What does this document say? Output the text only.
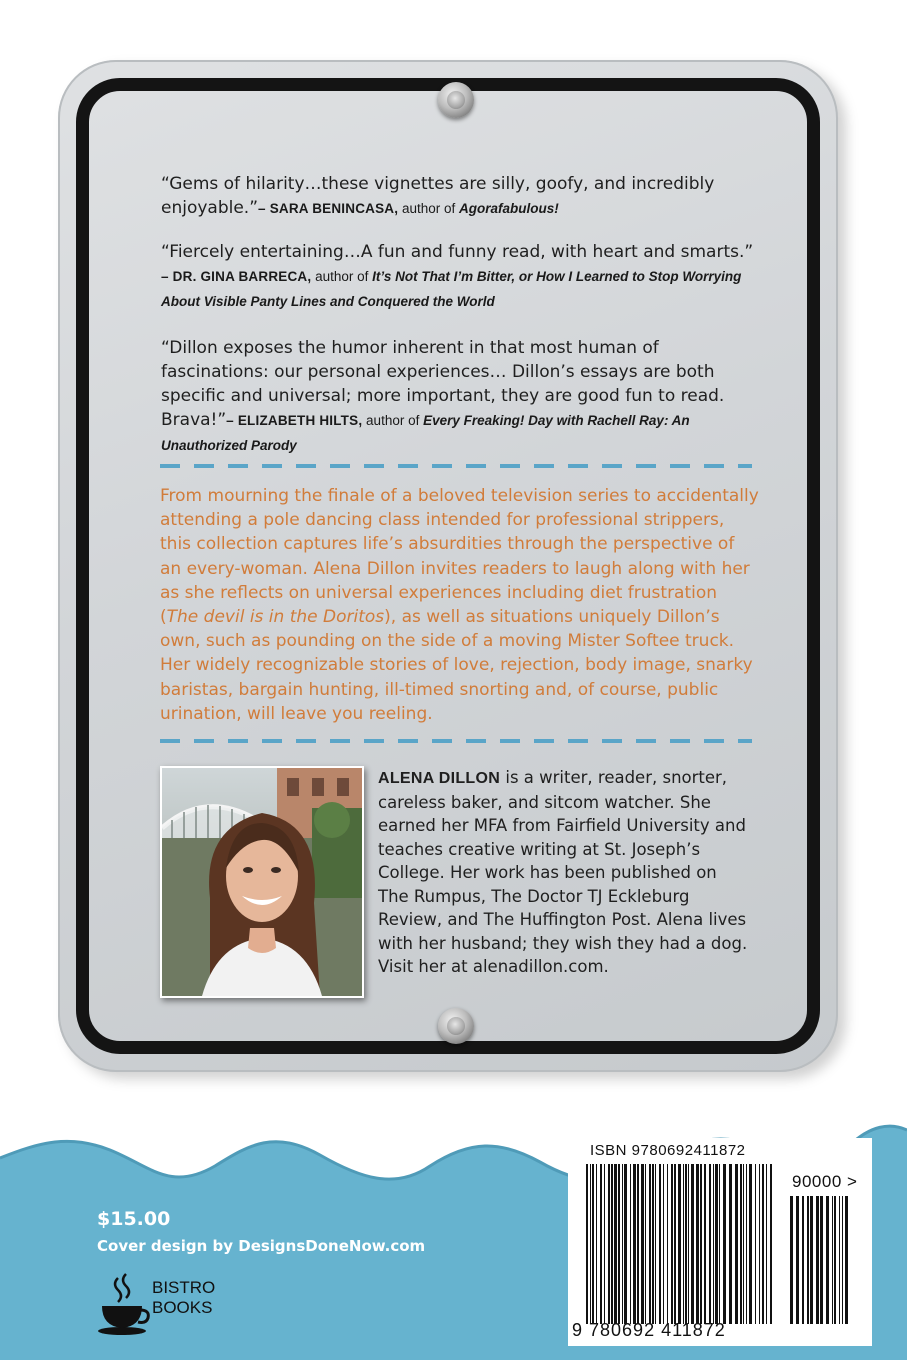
“Gems of hilarity…these vignettes are silly, goofy, and incredibly enjoyable.”– SARA BENINCASA, author of Agorafabulous!

“Fiercely entertaining…A fun and funny read, with heart and smarts.”
– DR. GINA BARRECA, author of It’s Not That I’m Bitter, or How I Learned to Stop Worrying About Visible Panty Lines and Conquered the World

“Dillon exposes the humor inherent in that most human of fascinations: our personal experiences… Dillon’s essays are both specific and universal; more important, they are good fun to read. Brava!”– ELIZABETH HILTS, author of Every Freaking! Day with Rachell Ray: An Unauthorized Parody

From mourning the finale of a beloved television series to accidentally attending a pole dancing class intended for professional strippers, this collection captures life’s absurdities through the perspective of an every-woman. Alena Dillon invites readers to laugh along with her as she reflects on universal experiences including diet frustration (The devil is in the Doritos), as well as situations uniquely Dillon’s own, such as pounding on the side of a moving Mister Softee truck. Her widely recognizable stories of love, rejection, body image, snarky baristas, bargain hunting, ill-timed snorting and, of course, public urination, will leave you reeling.

ALENA DILLON is a writer, reader, snorter, careless baker, and sitcom watcher. She earned her MFA from Fairfield University and teaches creative writing at St. Joseph’s College. Her work has been published on The Rumpus, The Doctor TJ Eckleburg Review, and The Huffington Post. Alena lives with her husband; they wish they had a dog. Visit her at alenadillon.com.

$15.00

Cover design by DesignsDoneNow.com

BISTRO
BOOKS

ISBN 9780692411872

90000 >

9 780692 411872
